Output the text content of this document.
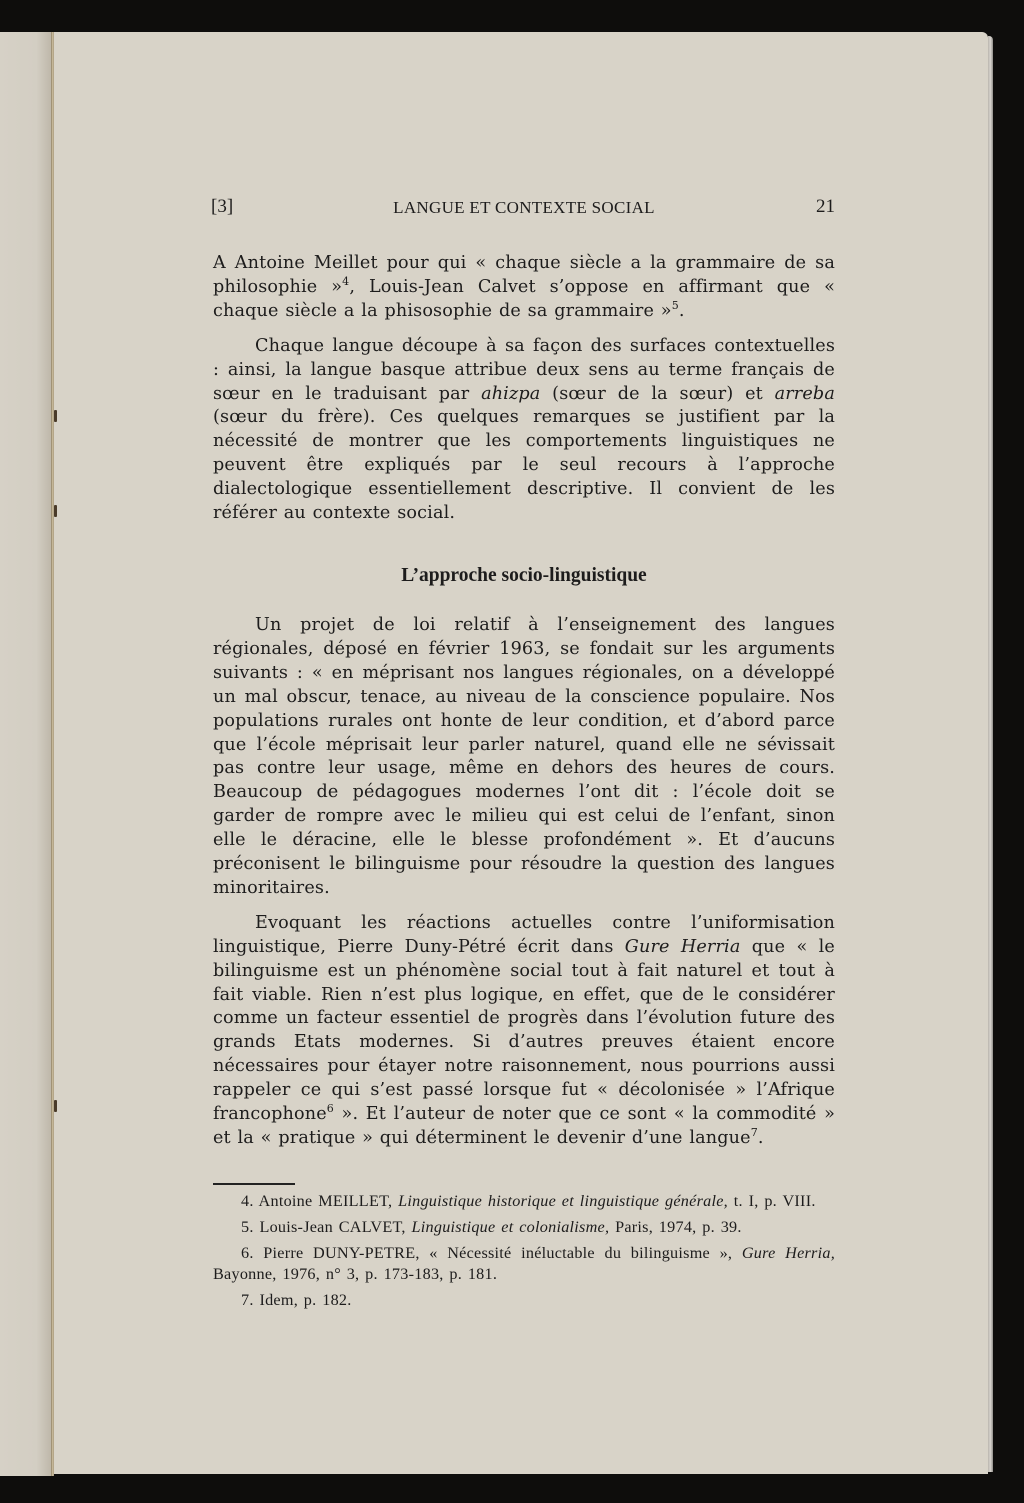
[3]	LANGUE ET CONTEXTE SOCIAL	21

A Antoine Meillet pour qui « chaque siècle a la grammaire de sa philosophie »$^4$, Louis-Jean Calvet s’oppose en affirmant que « chaque siècle a la phisosophie de sa grammaire »$^5$.

Chaque langue découpe à sa façon des surfaces contextuelles : ainsi, la langue basque attribue deux sens au terme français de sœur en le traduisant par ahizpa (sœur de la sœur) et arreba (sœur du frère). Ces quelques remarques se justifient par la nécessité de montrer que les comportements linguistiques ne peuvent être expliqués par le seul recours à l’approche dialectologique essentiellement descriptive. Il convient de les référer au contexte social.

L’approche socio-linguistique

Un projet de loi relatif à l’enseignement des langues régionales, déposé en février 1963, se fondait sur les arguments suivants : « en méprisant nos langues régionales, on a développé un mal obscur, tenace, au niveau de la conscience populaire. Nos populations rurales ont honte de leur condition, et d’abord parce que l’école méprisait leur parler naturel, quand elle ne sévissait pas contre leur usage, même en dehors des heures de cours. Beaucoup de pédagogues modernes l’ont dit : l’école doit se garder de rompre avec le milieu qui est celui de l’enfant, sinon elle le déracine, elle le blesse profondément ». Et d’aucuns préconisent le bilinguisme pour résoudre la question des langues minoritaires.

Evoquant les réactions actuelles contre l’uniformisation linguistique, Pierre Duny-Pétré écrit dans Gure Herria que « le bilinguisme est un phénomène social tout à fait naturel et tout à fait viable. Rien n’est plus logique, en effet, que de le considérer comme un facteur essentiel de progrès dans l’évolution future des grands Etats modernes. Si d’autres preuves étaient encore nécessaires pour étayer notre raisonnement, nous pourrions aussi rappeler ce qui s’est passé lorsque fut « décolonisée » l’Afrique francophone$^6$ ». Et l’auteur de noter que ce sont « la commodité » et la « pratique » qui déterminent le devenir d’une langue$^7$.

4. Antoine MEILLET, Linguistique historique et linguistique générale, t. I, p. VIII.

5. Louis-Jean CALVET, Linguistique et colonialisme, Paris, 1974, p. 39.

6. Pierre DUNY-PETRE, « Nécessité inéluctable du bilinguisme », Gure Herria, Bayonne, 1976, n° 3, p. 173-183, p. 181.

7. Idem, p. 182.
